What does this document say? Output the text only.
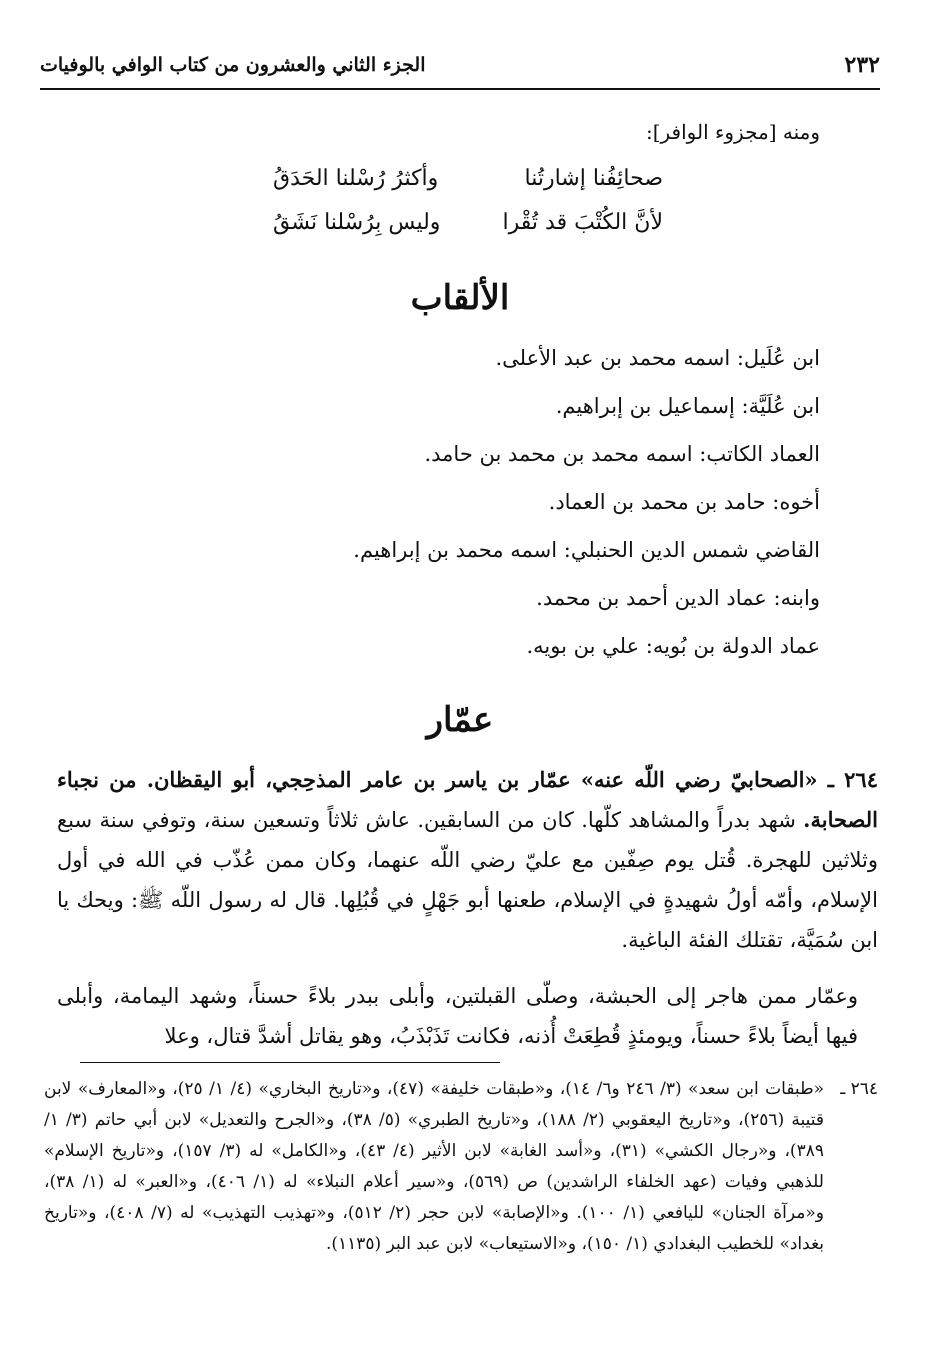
٢٣٢
الجزء الثاني والعشرون من كتاب الوافي بالوفيات
ومنه [مجزوء الوافر]:
صحائِفُنا إشارتُنا
وأكثرُ رُسْلنا الحَدَقُ
لأنَّ الكُتْبَ قد تُقْرا
وليس بِرُسْلنا نَشَقُ
الألقاب
ابن عُلَيل: اسمه محمد بن عبد الأعلى.
ابن عُلَيَّة: إسماعيل بن إبراهيم.
العماد الكاتب: اسمه محمد بن محمد بن حامد.
أخوه: حامد بن محمد بن العماد.
القاضي شمس الدين الحنبلي: اسمه محمد بن إبراهيم.
وابنه: عماد الدين أحمد بن محمد.
عماد الدولة بن بُويه: علي بن بويه.
عمّار
٢٦٤ ـ «الصحابيّ رضي اللّه عنه» عمّار بن ياسر بن عامر المذحِجي، أبو اليقظان. من نجباء الصحابة. شهد بدراً والمشاهد كلّها. كان من السابقين. عاش ثلاثاً وتسعين سنة، وتوفي سنة سبع وثلاثين للهجرة. قُتل يوم صِفّين مع عليّ رضي اللّه عنهما، وكان ممن عُذّب في الله في أول الإسلام، وأمّه أولُ شهيدةٍ في الإسلام، طعنها أبو جَهْلٍ في قُبُلِها. قال له رسول اللّه ﷺ: ويحك يا ابن سُمَيَّة، تقتلك الفئة الباغية.
وعمّار ممن هاجر إلى الحبشة، وصلّى القبلتين، وأبلى ببدر بلاءً حسناً، وشهد اليمامة، وأبلى فيها أيضاً بلاءً حسناً، ويومئذٍ قُطِعَتْ أُذنه، فكانت تَذَبْذَبُ، وهو يقاتل أشدَّ قتال، وعلا
٢٦٤ ـ
«طبقات ابن سعد» (٣/ ٢٤٦ و٦/ ١٤)، و«طبقات خليفة» (٤٧)، و«تاريخ البخاري» (٤/ ١/ ٢٥)، و«المعارف» لابن قتيبة (٢٥٦)، و«تاريخ اليعقوبي (٢/ ١٨٨)، و«تاريخ الطبري» (٥/ ٣٨)، و«الجرح والتعديل» لابن أبي حاتم (٣/ ١/ ٣٨٩)، و«رجال الكشي» (٣١)، و«أسد الغابة» لابن الأثير (٤/ ٤٣)، و«الكامل» له (٣/ ١٥٧)، و«تاريخ الإسلام» للذهبي وفيات (عهد الخلفاء الراشدين) ص (٥٦٩)، و«سير أعلام النبلاء» له (١/ ٤٠٦)، و«العبر» له (١/ ٣٨)، و«مرآة الجنان» لليافعي (١/ ١٠٠). و«الإصابة» لابن حجر (٢/ ٥١٢)، و«تهذيب التهذيب» له (٧/ ٤٠٨)، و«تاريخ بغداد» للخطيب البغدادي (١/ ١٥٠)، و«الاستيعاب» لابن عبد البر (١١٣٥).
